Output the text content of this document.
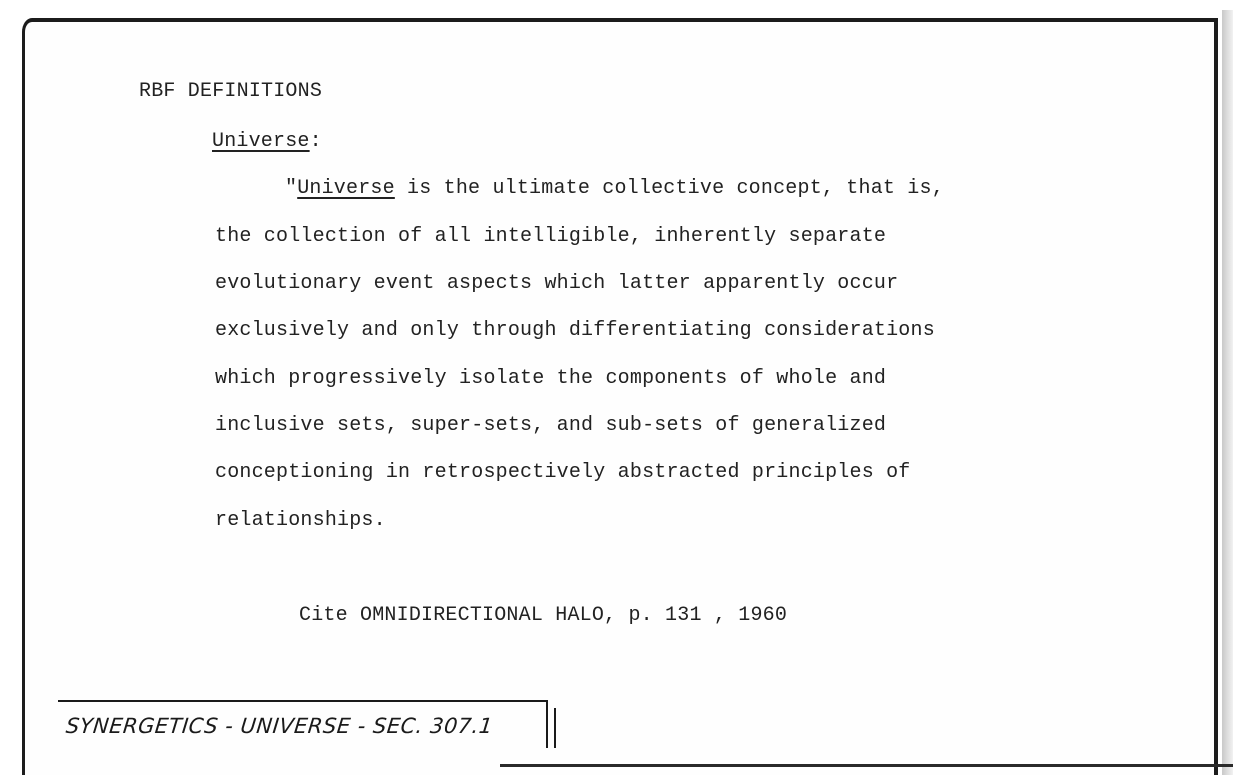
RBF DEFINITIONS
Universe:
"Universe is the ultimate collective concept, that is,
the collection of all intelligible, inherently separate
evolutionary event aspects which latter apparently occur
exclusively and only through differentiating considerations
which progressively isolate the components of whole and
inclusive sets, super-sets, and sub-sets of generalized
conceptioning in retrospectively abstracted principles of
relationships.
Cite OMNIDIRECTIONAL HALO, p. 131 , 1960
SYNERGETICS - UNIVERSE - SEC. 307.1
